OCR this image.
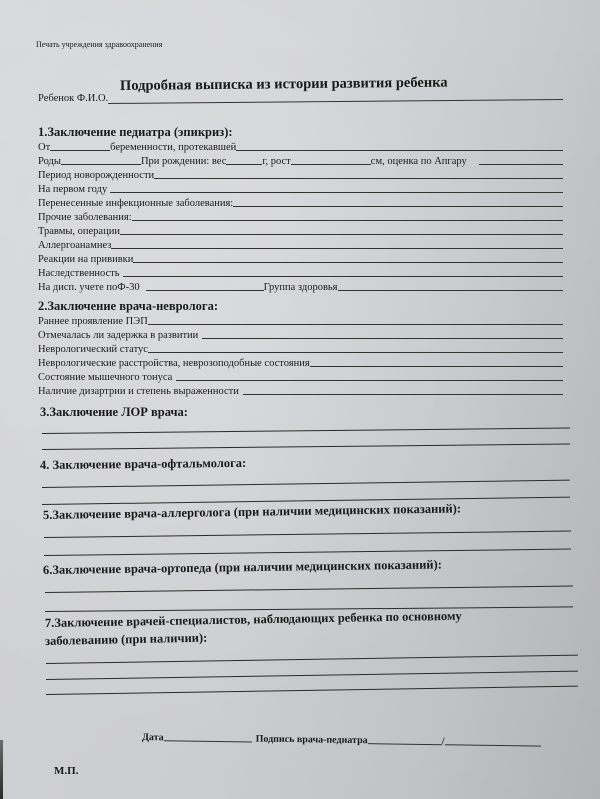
Печать учреждения здравоохранения
Подробная выписка из истории развития ребенка
Ребенок Ф.И.О.
1.Заключение педиатра (эпикриз):
От	беременности, протекавшей
Роды	При рождении: вес	г, рост	см, оценка по Апгару
Период новорожденности
На первом году
Перенесенные инфекционные заболевания:
Прочие заболевания:
Травмы, операции
Аллергоанамнез
Реакции на прививки
Наследственность
На дисп. учете поФ-30	Группа здоровья
2.Заключение врача-невролога:
Раннее проявление ПЭП
Отмечалась ли задержка в развитии
Неврологический статус
Неврологические расстройства, неврозоподобные состояния
Состояние мышечного тонуса
Наличие дизартрии и степень выраженности
3.Заключение ЛОР врача:
4. Заключение врача-офтальмолога:
5.Заключение врача-аллерголога (при наличии медицинских показаний):
6.Заключение врача-ортопеда (при наличии медицинских показаний):
7.Заключение врачей-специалистов, наблюдающих ребенка по основному
заболеванию (при наличии):
Дата	Подпись врача-педиатра	/
М.П.
